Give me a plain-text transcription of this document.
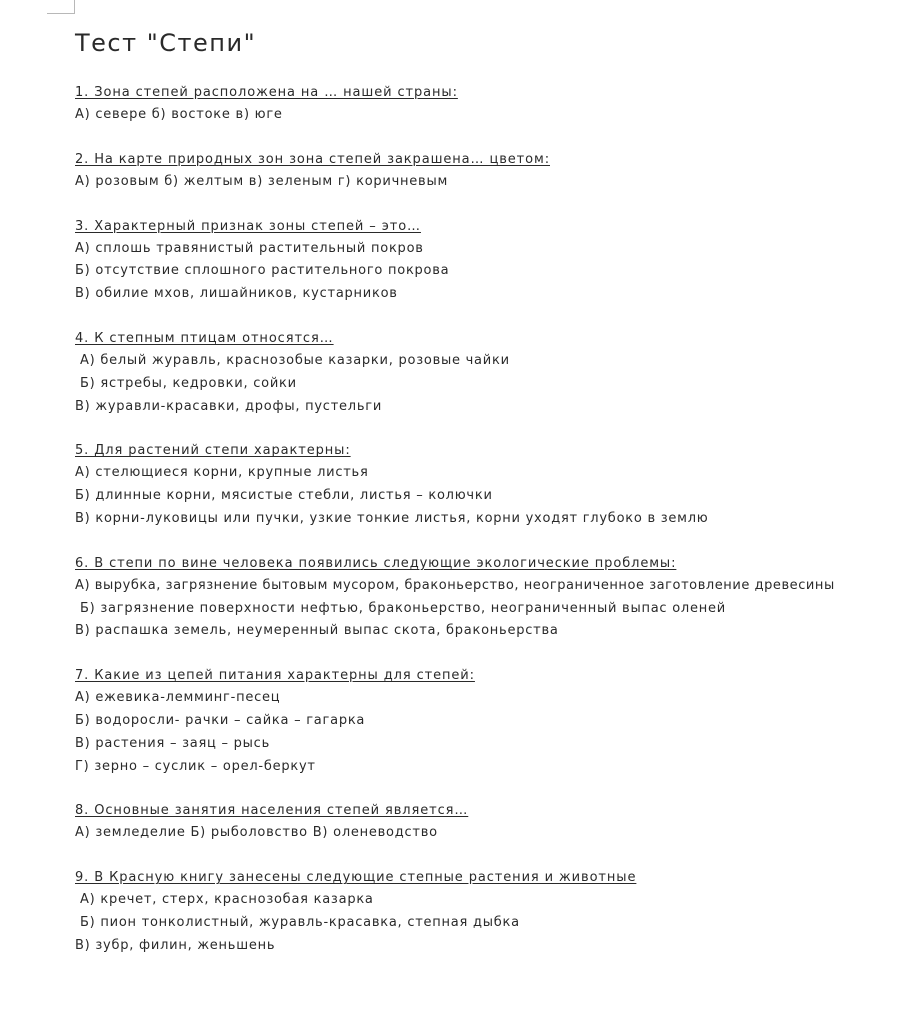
Тест "Степи"
1. Зона степей расположена на … нашей страны:
А) севере б) востоке в) юге
2. На карте природных зон зона степей закрашена… цветом:
А) розовым б) желтым в) зеленым г) коричневым
3. Характерный признак зоны степей – это…
А) сплошь травянистый растительный покров
Б) отсутствие сплошного растительного покрова
В) обилие мхов, лишайников, кустарников
4. К степным птицам относятся…
А) белый журавль, краснозобые казарки, розовые чайки
Б) ястребы, кедровки, сойки
В) журавли-красавки, дрофы, пустельги
5. Для растений степи характерны:
А) стелющиеся корни, крупные листья
Б) длинные корни, мясистые стебли, листья – колючки
В) корни-луковицы или пучки, узкие тонкие листья, корни уходят глубоко в землю
6. В степи по вине человека появились следующие экологические проблемы:
А) вырубка, загрязнение бытовым мусором, браконьерство, неограниченное заготовление древесины
Б) загрязнение поверхности нефтью, браконьерство, неограниченный выпас оленей
В) распашка земель, неумеренный выпас скота, браконьерства
7. Какие из цепей питания характерны для степей:
А) ежевика-лемминг-песец
Б) водоросли- рачки – сайка – гагарка
В) растения – заяц – рысь
Г) зерно – суслик – орел-беркут
8. Основные занятия населения степей является…
А) земледелие Б) рыболовство В) оленеводство
9. В Красную книгу занесены следующие степные растения и животные
А) кречет, стерх, краснозобая казарка
Б) пион тонколистный, журавль-красавка, степная дыбка
В) зубр, филин, женьшень
